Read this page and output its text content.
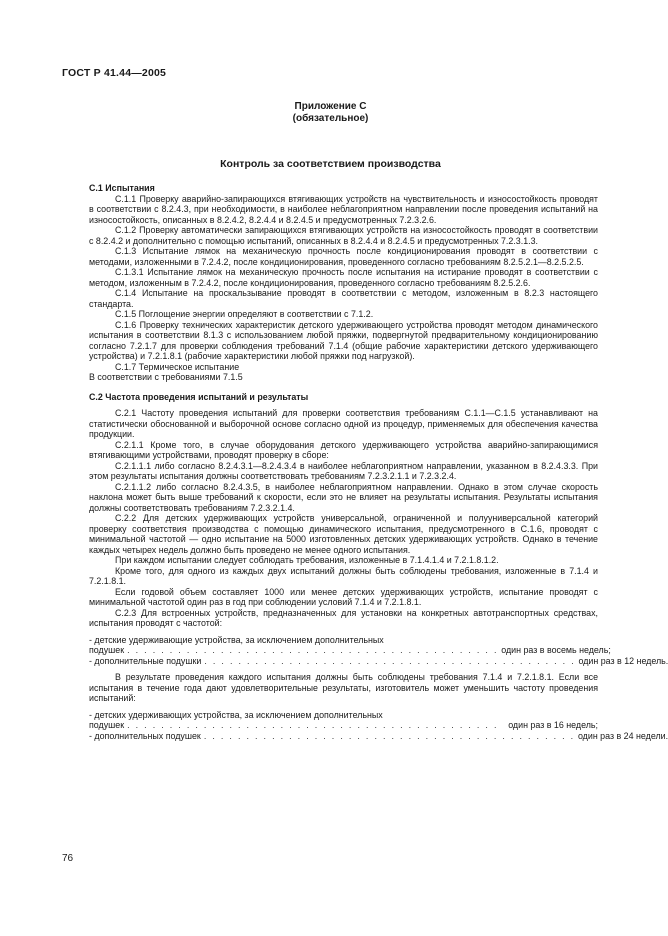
ГОСТ Р 41.44—2005
Приложение С
(обязательное)
Контроль за соответствием производства

С.1 Испытания

С.1.1 Проверку аварийно-запирающихся втягивающих устройств на чувствительность и износостойкость проводят в соответствии с 8.2.4.3, при необходимости, в наиболее неблагоприятном направлении после проведения испытаний на износостойкость, описанных в 8.2.4.2, 8.2.4.4 и 8.2.4.5 и предусмотренных 7.2.3.2.6.

С.1.2 Проверку автоматически запирающихся втягивающих устройств на износостойкость проводят в соответствии с 8.2.4.2 и дополнительно с помощью испытаний, описанных в 8.2.4.4 и 8.2.4.5 и предусмотренных 7.2.3.1.3.

С.1.3 Испытание лямок на механическую прочность после кондиционирования проводят в соответствии с методами, изложенными в 7.2.4.2, после кондиционирования, проведенного согласно требованиям 8.2.5.2.1—8.2.5.2.5.

С.1.3.1 Испытание лямок на механическую прочность после испытания на истирание проводят в соответствии с методом, изложенным в 7.2.4.2, после кондиционирования, проведенного согласно требованиям 8.2.5.2.6.

С.1.4 Испытание на проскальзывание проводят в соответствии с методом, изложенным в 8.2.3 настоящего стандарта.

С.1.5 Поглощение энергии определяют в соответствии с 7.1.2.

С.1.6 Проверку технических характеристик детского удерживающего устройства проводят методом динамического испытания в соответствии 8.1.3 с использованием любой пряжки, подвергнутой предварительному кондиционированию согласно 7.2.1.7 для проверки соблюдения требований 7.1.4 (общие рабочие характеристики детского удерживающего устройства) и 7.2.1.8.1 (рабочие характеристики любой пряжки под нагрузкой).

С.1.7 Термическое испытание

В соответствии с требованиями 7.1.5

С.2 Частота проведения испытаний и результаты

С.2.1 Частоту проведения испытаний для проверки соответствия требованиям С.1.1—С.1.5 устанавливают на статистически обоснованной и выборочной основе согласно одной из процедур, применяемых для обеспечения качества продукции.

С.2.1.1 Кроме того, в случае оборудования детского удерживающего устройства аварийно-запирающимися втягивающими устройствами, проводят проверку в сборе:

С.2.1.1.1 либо согласно 8.2.4.3.1—8.2.4.3.4 в наиболее неблагоприятном направлении, указанном в 8.2.4.3.3. При этом результаты испытания должны соответствовать требованиям 7.2.3.2.1.1 и 7.2.3.2.4.

С.2.1.1.2 либо согласно 8.2.4.3.5, в наиболее неблагоприятном направлении. Однако в этом случае скорость наклона может быть выше требований к скорости, если это не влияет на результаты испытания. Результаты испытания должны соответствовать требованиям 7.2.3.2.1.4.

С.2.2 Для детских удерживающих устройств универсальной, ограниченной и полууниверсальной категорий проверку соответствия производства с помощью динамического испытания, предусмотренного в С.1.6, проводят с минимальной частотой — одно испытание на 5000 изготовленных детских удерживающих устройств. Однако в течение каждых четырех недель должно быть проведено не менее одного испытания.

При каждом испытании следует соблюдать требования, изложенные в 7.1.4.1.4 и 7.2.1.8.1.2.

Кроме того, для одного из каждых двух испытаний должны быть соблюдены требования, изложенные в 7.1.4 и 7.2.1.8.1.

Если годовой объем составляет 1000 или менее детских удерживающих устройств, испытание проводят с минимальной частотой один раз в год при соблюдении условий 7.1.4 и 7.2.1.8.1.

С.2.3 Для встроенных устройств, предназначенных для установки на конкретных автотранспортных средствах, испытания проводят с частотой:

- детские удерживающие устройства, за исключением дополнительных
подушек . . . . . . . . . . . . . . . . . . . . . . . . . . . . . . . . . . . . . . . . . . . . один раз в восемь недель;
- дополнительные подушки . . . . . . . . . . . . . . . . . . . . . . . . . . . . . . . . . . . . . . . . . . . . один раз в 12 недель.

В результате проведения каждого испытания должны быть соблюдены требования 7.1.4 и 7.2.1.8.1. Если все испытания в течение года дают удовлетворительные результаты, изготовитель может уменьшить частоту проведения испытаний:

- детских удерживающих устройства, за исключением дополнительных
подушек . . . . . . . . . . . . . . . . . . . . . . . . . . . . . . . . . . . . . . . . . . . .	один раз в 16 недель;
- дополнительных подушек . . . . . . . . . . . . . . . . . . . . . . . . . . . . . . . . . . . . . . . . . . . . один раз в 24 недели.
76
